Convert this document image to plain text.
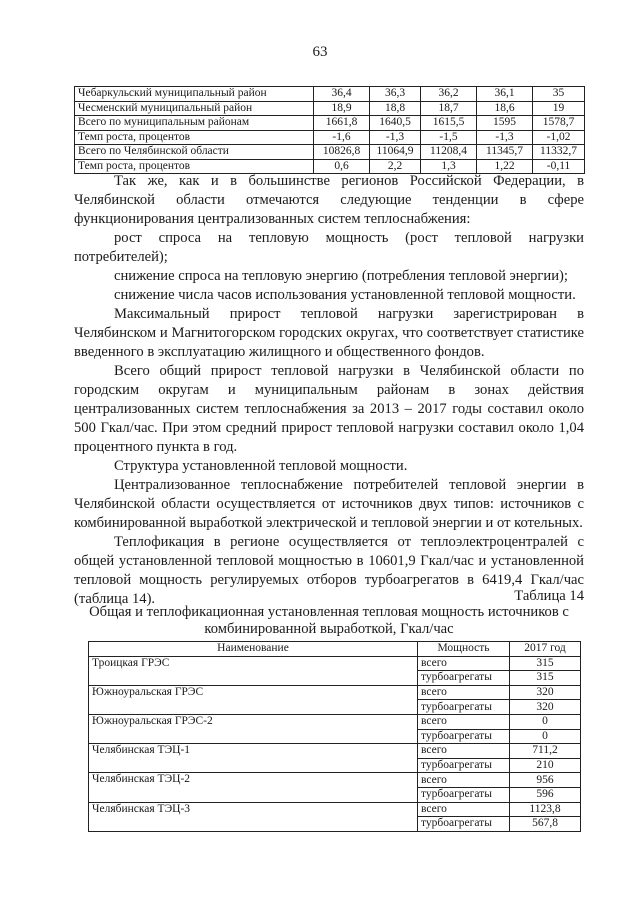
63
Чебаркульский муниципальный район	36,4	36,3	36,2	36,1	35
Чесменский муниципальный район	18,9	18,8	18,7	18,6	19
Всего по муниципальным районам	1661,8	1640,5	1615,5	1595	1578,7
Темп роста, процентов	-1,6	-1,3	-1,5	-1,3	-1,02
Всего по Челябинской области	10826,8	11064,9	11208,4	11345,7	11332,7
Темп роста, процентов	0,6	2,2	1,3	1,22	-0,11

Так же, как и в большинстве регионов Российской Федерации, в Челябинской области отмечаются следующие тенденции в сфере функционирования централизованных систем теплоснабжения:

рост спроса на тепловую мощность (рост тепловой нагрузки потребителей);

снижение спроса на тепловую энергию (потребления тепловой энергии);

снижение числа часов использования установленной тепловой мощности.

Максимальный прирост тепловой нагрузки зарегистрирован в Челябинском и Магнитогорском городских округах, что соответствует статистике введенного в эксплуатацию жилищного и общественного фондов.

Всего общий прирост тепловой нагрузки в Челябинской области по городским округам и муниципальным районам в зонах действия централизованных систем теплоснабжения за 2013 – 2017 годы составил около 500 Гкал/час. При этом средний прирост тепловой нагрузки составил около 1,04 процентного пункта в год.

Структура установленной тепловой мощности.

Централизованное теплоснабжение потребителей тепловой энергии в Челябинской области осуществляется от источников двух типов: источников с комбинированной выработкой электрической и тепловой энергии и от котельных.

Теплофикация в регионе осуществляется от теплоэлектроцентралей с общей установленной тепловой мощностью в 10601,9 Гкал/час и установленной тепловой мощность регулируемых отборов турбоагрегатов в 6419,4 Гкал/час (таблица 14).	Таблица 14
Общая и теплофикационная установленная тепловая мощность источников с
комбинированной выработкой, Гкал/час
Наименование	Мощность	2017 год
Троицкая ГРЭС	всего	315
	турбоагрегаты	315
Южноуральская ГРЭС	всего	320
	турбоагрегаты	320
Южноуральская ГРЭС-2	всего	0
	турбоагрегаты	0
Челябинская ТЭЦ-1	всего	711,2
	турбоагрегаты	210
Челябинская ТЭЦ-2	всего	956
	турбоагрегаты	596
Челябинская ТЭЦ-3	всего	1123,8
	турбоагрегаты	567,8
